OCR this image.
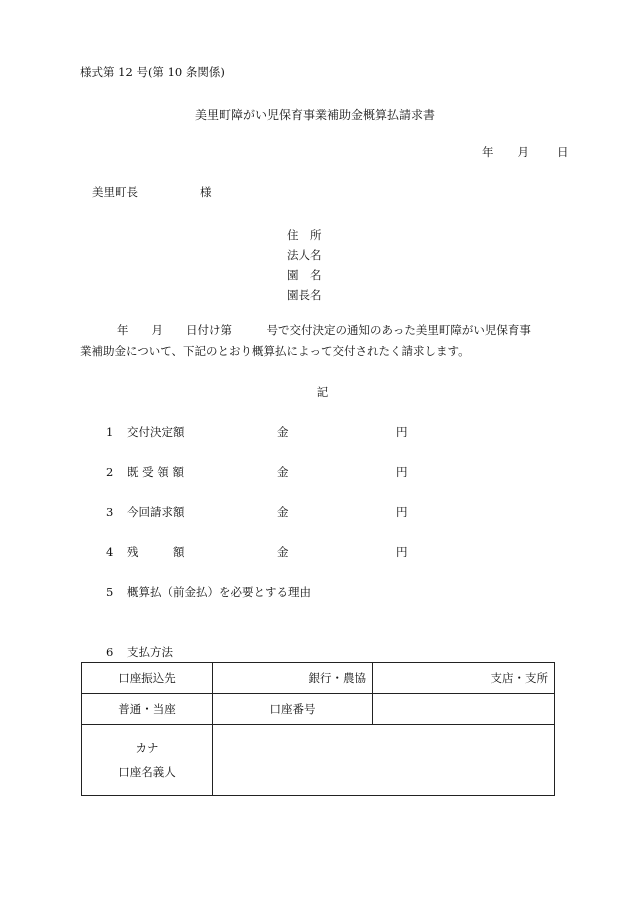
様式第 12 号(第 10 条関係)
美里町障がい児保育事業補助金概算払請求書
年 月 日
美里町長	様
住　所
法人名
園　名
園長名
年　　月　　日付け第　　　号で交付決定の通知のあった美里町障がい児保育事
業補助金について、下記のとおり概算払によって交付されたく請求します。
記
1 交付決定額	金	円
2 既 受 領 額	金	円
3 今回請求額	金	円
4 残　　　額	金	円
5 概算払（前金払）を必要とする理由
6 支払方法
口座振込先	銀行・農協	支店・支所
普通・当座	口座番号	

カナ
口座名義人		
